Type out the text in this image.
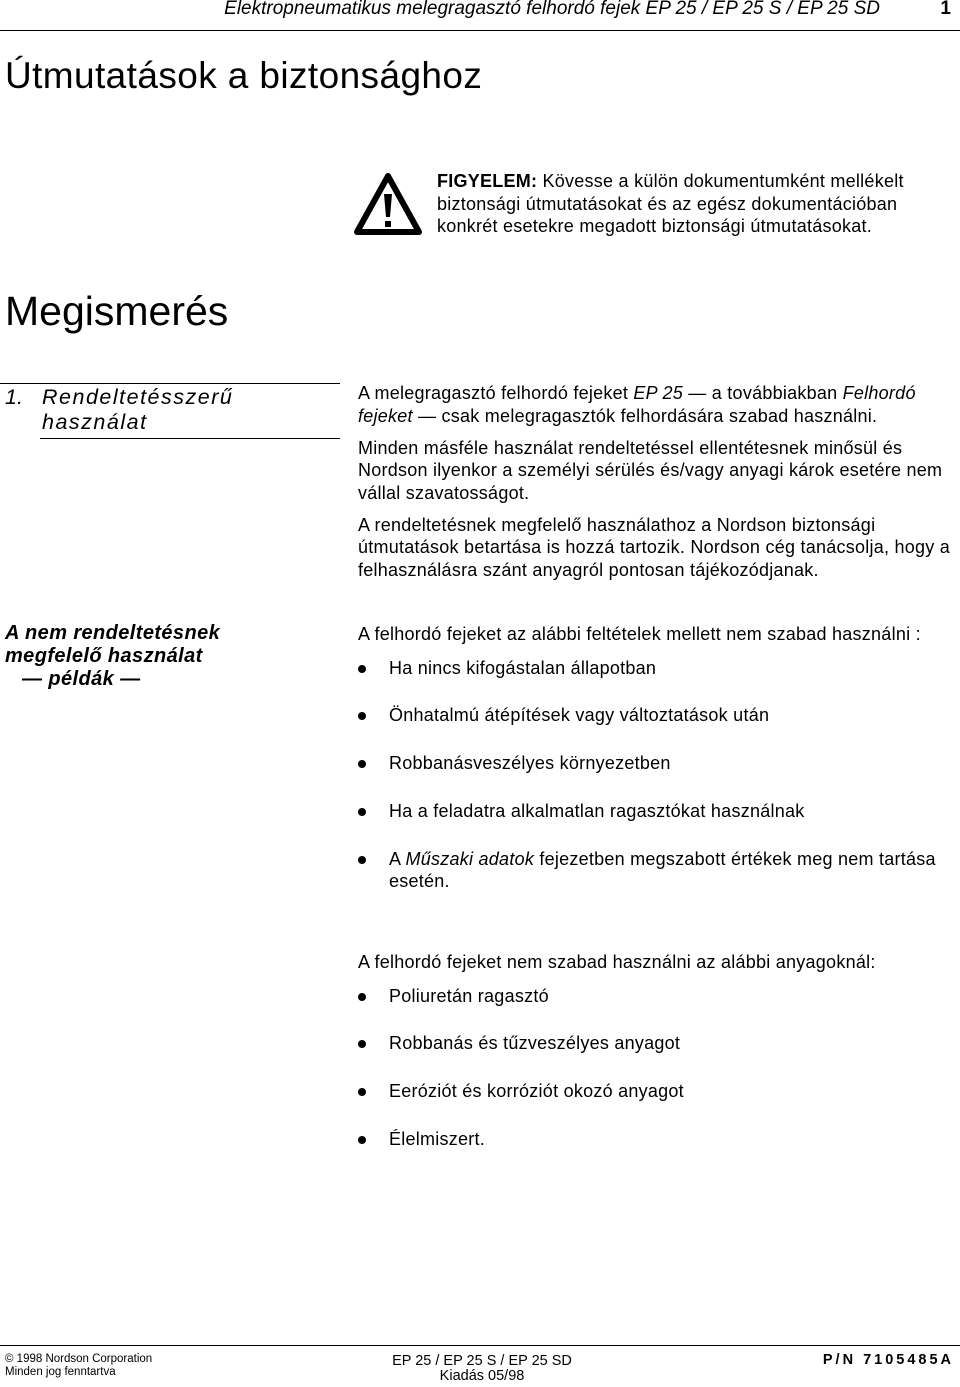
Elektropneumatikus melegragasztó felhordó fejek EP 25 / EP 25 S / EP 25 SD	1
Útmutatások a biztonsághoz

FIGYELEM: Kövesse a külön dokumentumként mellékelt biztonsági útmutatásokat és az egész dokumentációban konkrét esetekre megadott biztonsági útmutatásokat.

Megismerés
1. Rendeltetésszerű
használat

A melegragasztó felhordó fejeket EP 25 — a továbbiakban Felhordó fejeket — csak melegragasztók felhordására szabad használni.

Minden másféle használat rendeltetéssel ellentétesnek minősül és Nordson ilyenkor a személyi sérülés és/vagy anyagi károk esetére nem vállal szavatosságot.

A rendeltetésnek megfelelő használathoz a Nordson biztonsági útmutatások betartása is hozzá tartozik. Nordson cég tanácsolja, hogy a felhasználásra szánt anyagról pontosan tájékozódjanak.

A nem rendeltetésnek
megfelelő használat
— példák —

A felhordó fejeket az alábbi feltételek mellett nem szabad használni :

Ha nincs kifogástalan állapotban
Önhatalmú átépítések vagy változtatások után
Robbanásveszélyes környezetben
Ha a feladatra alkalmatlan ragasztókat használnak
A Műszaki adatok fejezetben megszabott értékek meg nem tartása esetén.

A felhordó fejeket nem szabad használni az alábbi anyagoknál:

Poliuretán ragasztó
Robbanás és tűzveszélyes anyagot
Eeróziót és korróziót okozó anyagot
Élelmiszert.
© 1998 Nordson Corporation
Minden jog fenntartva
EP 25 / EP 25 S / EP 25 SD
Kiadás 05/98
P/N 7105485A
